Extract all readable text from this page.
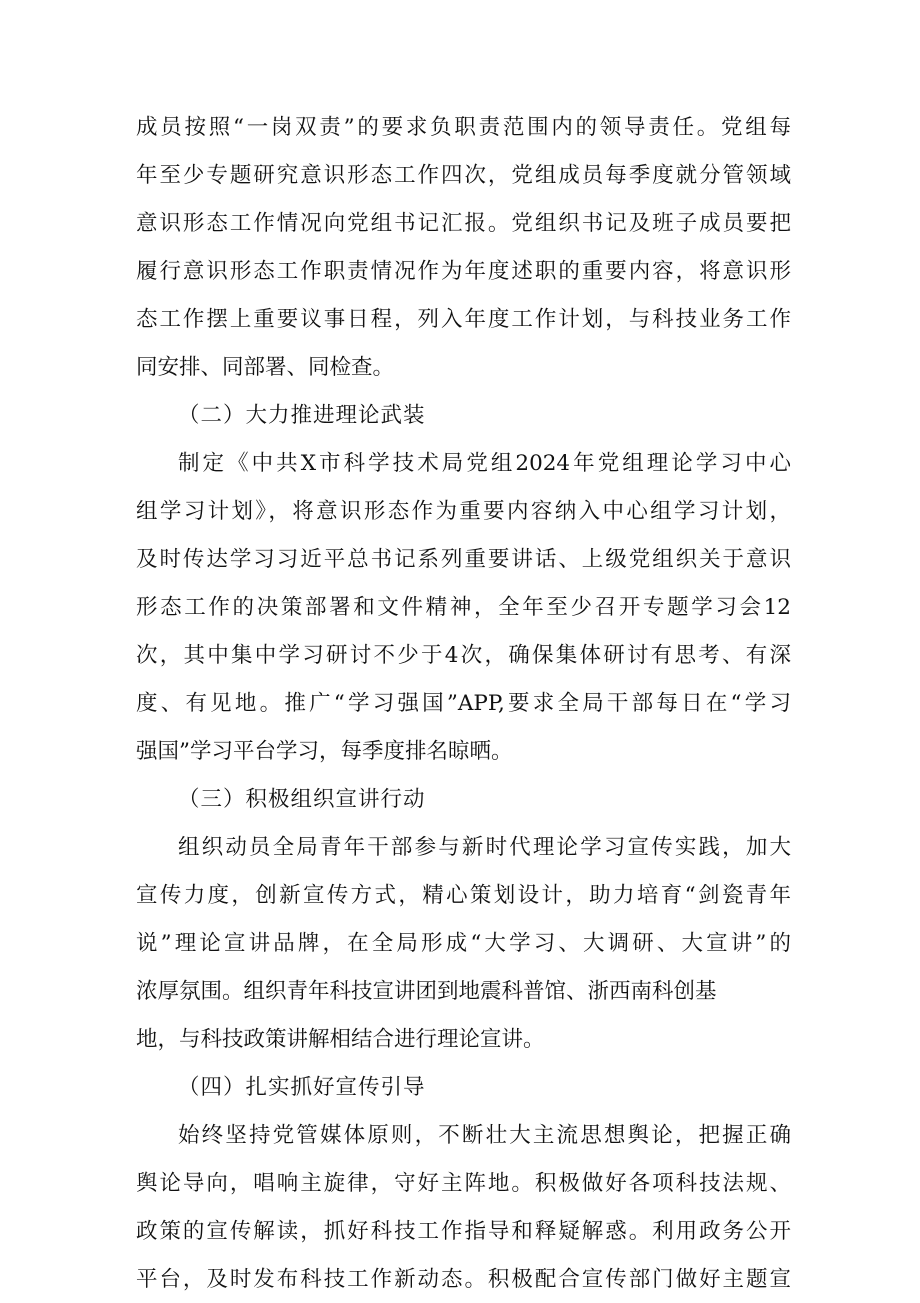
成员按照“一岗双责”的要求负职责范围内的领导责任。党组每
年至少专题研究意识形态工作四次，党组成员每季度就分管领域
意识形态工作情况向党组书记汇报。党组织书记及班子成员要把
履行意识形态工作职责情况作为年度述职的重要内容，将意识形
态工作摆上重要议事日程，列入年度工作计划，与科技业务工作
同安排、同部署、同检查。
（二）大力推进理论武装
制定《中共X市科学技术局党组2024年党组理论学习中心
组学习计划》，将意识形态作为重要内容纳入中心组学习计划，
及时传达学习习近平总书记系列重要讲话、上级党组织关于意识
形态工作的决策部署和文件精神，全年至少召开专题学习会12
次，其中集中学习研讨不少于4次，确保集体研讨有思考、有深
度、有见地。推广“学习强国”APP,要求全局干部每日在“学习
强国”学习平台学习，每季度排名晾晒。
（三）积极组织宣讲行动
组织动员全局青年干部参与新时代理论学习宣传实践，加大
宣传力度，创新宣传方式，精心策划设计，助力培育“剑瓷青年
说”理论宣讲品牌，在全局形成“大学习、大调研、大宣讲”的
浓厚氛围。组织青年科技宣讲团到地震科普馆、浙西南科创基
地，与科技政策讲解相结合进行理论宣讲。
（四）扎实抓好宣传引导
始终坚持党管媒体原则，不断壮大主流思想舆论，把握正确
舆论导向，唱响主旋律，守好主阵地。积极做好各项科技法规、
政策的宣传解读，抓好科技工作指导和释疑解惑。利用政务公开
平台，及时发布科技工作新动态。积极配合宣传部门做好主题宣
